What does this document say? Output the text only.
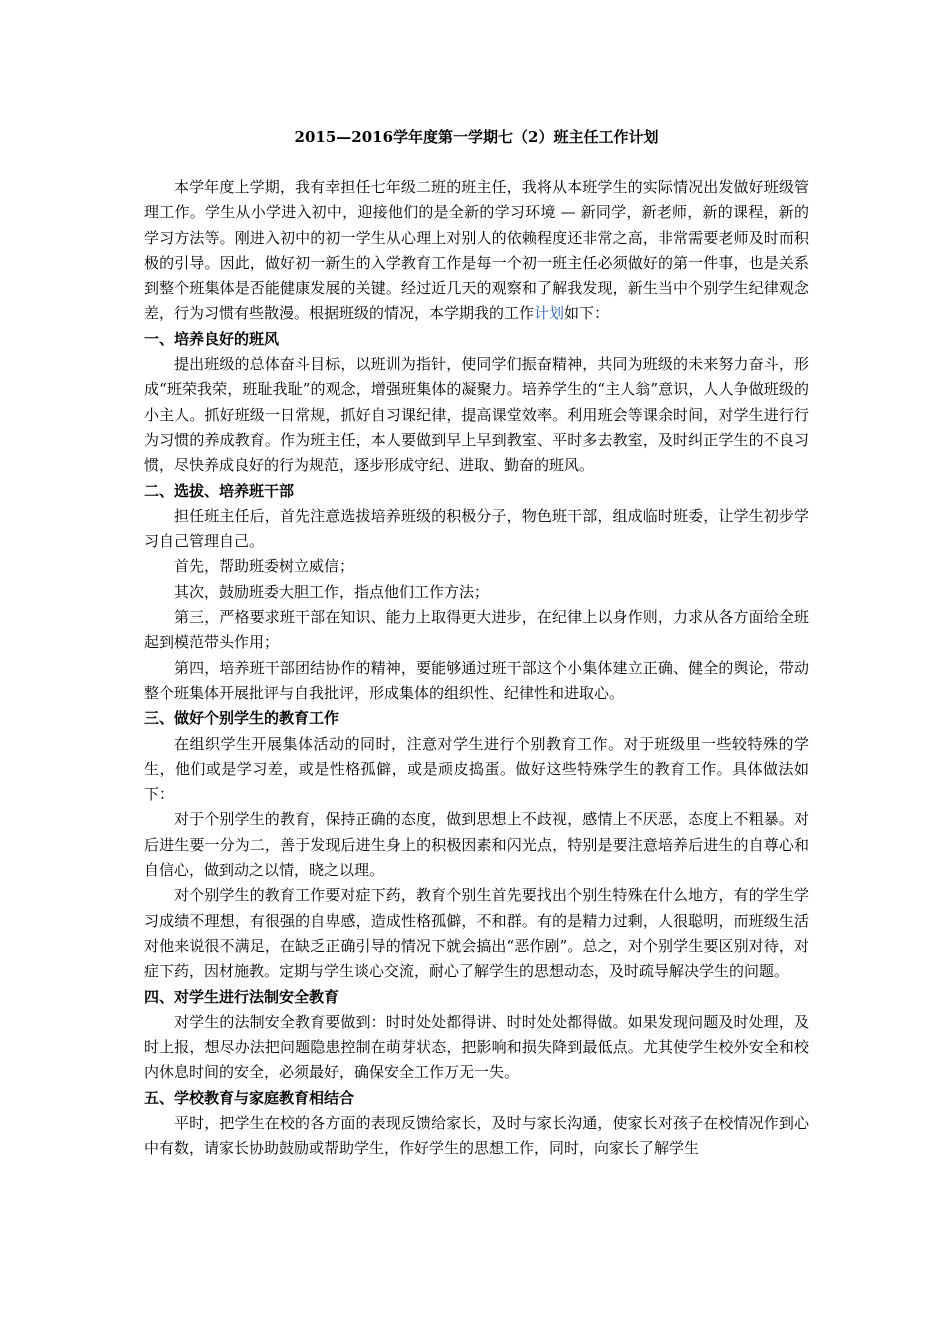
2015—2016学年度第一学期七（2）班主任工作计划

本学年度上学期，我有幸担任七年级二班的班主任，我将从本班学生的实际情况出发做好班级管理工作。学生从小学进入初中，迎接他们的是全新的学习环境 — 新同学，新老师，新的课程，新的学习方法等。刚进入初中的初一学生从心理上对别人的依赖程度还非常之高，非常需要老师及时而积极的引导。因此，做好初一新生的入学教育工作是每一个初一班主任必须做好的第一件事，也是关系到整个班集体是否能健康发展的关键。经过近几天的观察和了解我发现，新生当中个别学生纪律观念差，行为习惯有些散漫。根据班级的情况，本学期我的工作计划如下：

一、培养良好的班风

提出班级的总体奋斗目标，以班训为指针，使同学们振奋精神，共同为班级的未来努力奋斗，形成“班荣我荣，班耻我耻”的观念，增强班集体的凝聚力。培养学生的“主人翁”意识，人人争做班级的小主人。抓好班级一日常规，抓好自习课纪律，提高课堂效率。利用班会等课余时间，对学生进行行为习惯的养成教育。作为班主任，本人要做到早上早到教室、平时多去教室，及时纠正学生的不良习惯，尽快养成良好的行为规范，逐步形成守纪、进取、勤奋的班风。

二、选拔、培养班干部

担任班主任后，首先注意选拔培养班级的积极分子，物色班干部，组成临时班委，让学生初步学习自己管理自己。

首先，帮助班委树立威信；

其次，鼓励班委大胆工作，指点他们工作方法；

第三，严格要求班干部在知识、能力上取得更大进步，在纪律上以身作则，力求从各方面给全班起到模范带头作用；

第四，培养班干部团结协作的精神，要能够通过班干部这个小集体建立正确、健全的舆论，带动整个班集体开展批评与自我批评，形成集体的组织性、纪律性和进取心。

三、做好个别学生的教育工作

在组织学生开展集体活动的同时，注意对学生进行个别教育工作。对于班级里一些较特殊的学生，他们或是学习差，或是性格孤僻，或是顽皮捣蛋。做好这些特殊学生的教育工作。具体做法如下：

对于个别学生的教育，保持正确的态度，做到思想上不歧视，感情上不厌恶，态度上不粗暴。对后进生要一分为二，善于发现后进生身上的积极因素和闪光点，特别是要注意培养后进生的自尊心和自信心，做到动之以情，晓之以理。

对个别学生的教育工作要对症下药，教育个别生首先要找出个别生特殊在什么地方，有的学生学习成绩不理想，有很强的自卑感，造成性格孤僻，不和群。有的是精力过剩，人很聪明，而班级生活对他来说很不满足，在缺乏正确引导的情况下就会搞出“恶作剧”。总之，对个别学生要区别对待，对症下药，因材施教。定期与学生谈心交流，耐心了解学生的思想动态，及时疏导解决学生的问题。

四、对学生进行法制安全教育

对学生的法制安全教育要做到：时时处处都得讲、时时处处都得做。如果发现问题及时处理，及时上报，想尽办法把问题隐患控制在萌芽状态，把影响和损失降到最低点。尤其使学生校外安全和校内休息时间的安全，必须最好，确保安全工作万无一失。

五、学校教育与家庭教育相结合

平时，把学生在校的各方面的表现反馈给家长，及时与家长沟通，使家长对孩子在校情况作到心中有数，请家长协助鼓励或帮助学生，作好学生的思想工作，同时，向家长了解学生
